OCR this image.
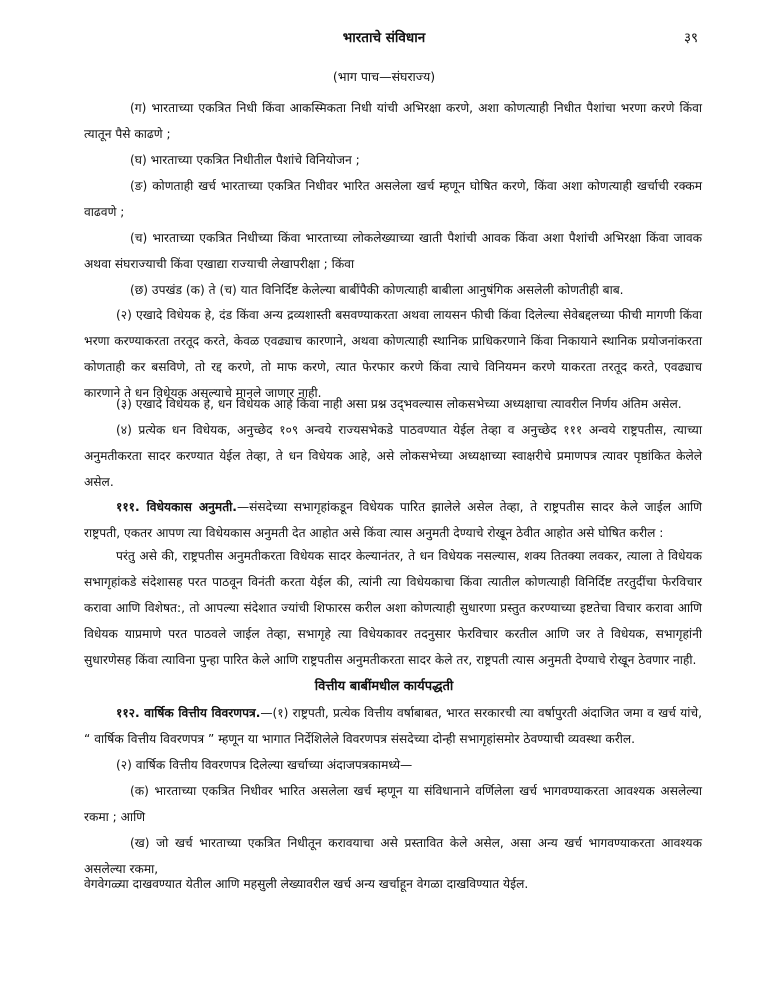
भारताचे संविधान	३९
(भाग पाच—संघराज्य)

(ग) भारताच्या एकत्रित निधी किंवा आकस्मिकता निधी यांची अभिरक्षा करणे, अशा कोणत्याही निधीत पैशांचा भरणा करणे किंवा त्यातून पैसे काढणे ;

(घ) भारताच्या एकत्रित निधीतील पैशांचे विनियोजन ;

(ङ) कोणताही खर्च भारताच्या एकत्रित निधीवर भारित असलेला खर्च म्हणून घोषित करणे, किंवा अशा कोणत्याही खर्चाची रक्कम वाढवणे ;

(च) भारताच्या एकत्रित निधीच्या किंवा भारताच्या लोकलेख्याच्या खाती पैशांची आवक किंवा अशा पैशांची अभिरक्षा किंवा जावक अथवा संघराज्याची किंवा एखाद्या राज्याची लेखापरीक्षा ; किंवा

(छ) उपखंड (क) ते (च) यात विनिर्दिष्ट केलेल्या बाबींपैकी कोणत्याही बाबीला आनुषंगिक असलेली कोणतीही बाब.

(२) एखादे विधेयक हे, दंड किंवा अन्य द्रव्यशास्ती बसवण्याकरता अथवा लायसन फीची किंवा दिलेल्या सेवेबद्दलच्या फीची मागणी किंवा भरणा करण्याकरता तरतूद करते, केवळ एवढ्याच कारणाने, अथवा कोणत्याही स्थानिक प्राधिकरणाने किंवा निकायाने स्थानिक प्रयोजनांकरता कोणताही कर बसविणे, तो रद्द करणे, तो माफ करणे, त्यात फेरफार करणे किंवा त्याचे विनियमन करणे याकरता तरतूद करते, एवढ्याच कारणाने ते धन विधेयक असल्याचे मानले जाणार नाही.

(३) एखादे विधेयक हे, धन विधेयक आहे किंवा नाही असा प्रश्न उद्‌भवल्यास लोकसभेच्या अध्यक्षाचा त्यावरील निर्णय अंतिम असेल.

(४) प्रत्येक धन विधेयक, अनुच्छेद १०९ अन्वये राज्यसभेकडे पाठवण्यात येईल तेव्हा व अनुच्छेद १११ अन्वये राष्ट्रपतीस, त्याच्या अनुमतीकरता सादर करण्यात येईल तेव्हा, ते धन विधेयक आहे, असे लोकसभेच्या अध्यक्षाच्या स्वाक्षरीचे प्रमाणपत्र त्यावर पृष्ठांकित केलेले असेल.

१११. विधेयकास अनुमती.—संसदेच्या सभागृहांकडून विधेयक पारित झालेले असेल तेव्हा, ते राष्ट्रपतीस सादर केले जाईल आणि राष्ट्रपती, एकतर आपण त्या विधेयकास अनुमती देत आहोत असे किंवा त्यास अनुमती देण्याचे रोखून ठेवीत आहोत असे घोषित करील :

परंतु असे की, राष्ट्रपतीस अनुमतीकरता विधेयक सादर केल्यानंतर, ते धन विधेयक नसल्यास, शक्य तितक्या लवकर, त्याला ते विधेयक सभागृहांकडे संदेशासह परत पाठवून विनंती करता येईल की, त्यांनी त्या विधेयकाचा किंवा त्यातील कोणत्याही विनिर्दिष्ट तरतुदींचा फेरविचार करावा आणि विशेषत:, तो आपल्या संदेशात ज्यांची शिफारस करील अशा कोणत्याही सुधारणा प्रस्तुत करण्याच्या इष्टतेचा विचार करावा आणि विधेयक याप्रमाणे परत पाठवले जाईल तेव्हा, सभागृहे त्या विधेयकावर तदनुसार फेरविचार करतील आणि जर ते विधेयक, सभागृहांनी सुधारणेसह किंवा त्याविना पुन्हा पारित केले आणि राष्ट्रपतीस अनुमतीकरता सादर केले तर, राष्ट्रपती त्यास अनुमती देण्याचे रोखून ठेवणार नाही.

वित्तीय बाबींमधील कार्यपद्धती

११२. वार्षिक वित्तीय विवरणपत्र.—(१) राष्ट्रपती, प्रत्येक वित्तीय वर्षाबाबत, भारत सरकारची त्या वर्षापुरती अंदाजित जमा व खर्च यांचे, “ वार्षिक वित्तीय विवरणपत्र ” म्हणून या भागात निर्देशिलेले विवरणपत्र संसदेच्या दोन्ही सभागृहांसमोर ठेवण्याची व्यवस्था करील.

(२) वार्षिक वित्तीय विवरणपत्र दिलेल्या खर्चाच्या अंदाजपत्रकामध्ये—

(क) भारताच्या एकत्रित निधीवर भारित असलेला खर्च म्हणून या संविधानाने वर्णिलेला खर्च भागवण्याकरता आवश्यक असलेल्या रकमा ; आणि

(ख) जो खर्च भारताच्या एकत्रित निधीतून करावयाचा असे प्रस्तावित केले असेल, असा अन्य खर्च भागवण्याकरता आवश्यक असलेल्या रकमा,

वेगवेगळ्या दाखवण्यात येतील आणि महसुली लेख्यावरील खर्च अन्य खर्चाहून वेगळा दाखविण्यात येईल.
